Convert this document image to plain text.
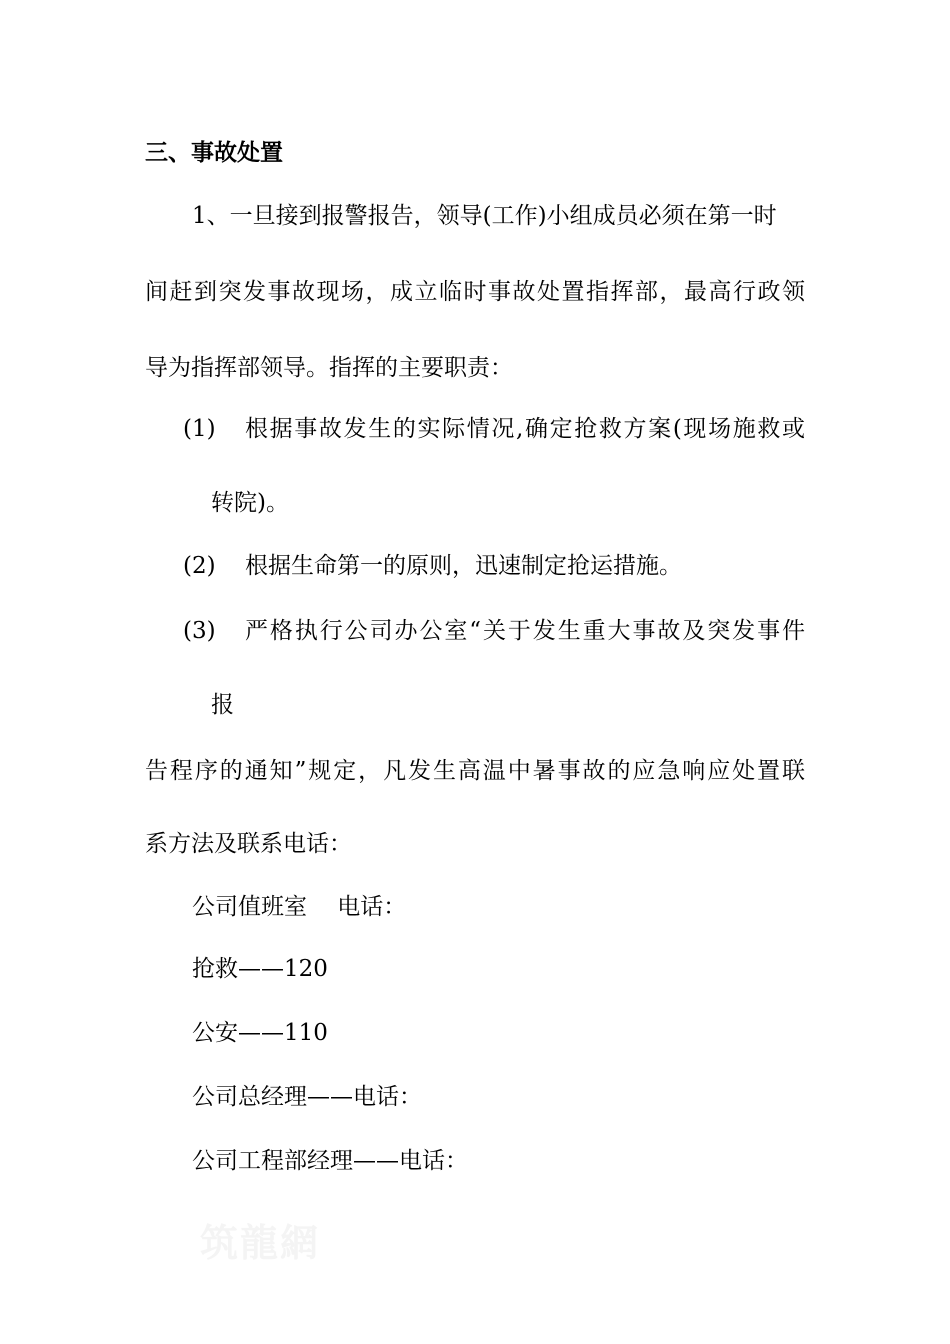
三、事故处置
1、一旦接到报警报告，领导(工作)小组成员必须在第一时
间赶到突发事故现场，成立临时事故处置指挥部，最高行政领
导为指挥部领导。指挥的主要职责：
(1) 根据事故发生的实际情况,确定抢救方案(现场施救或
转院)。
(2) 根据生命第一的原则，迅速制定抢运措施。
(3) 严格执行公司办公室“关于发生重大事故及突发事件
报
告程序的通知”规定，凡发生高温中暑事故的应急响应处置联
系方法及联系电话：
公司值班室　 电话：
抢救——120
公安——110
公司总经理——电话：
公司工程部经理——电话：
筑龍網
